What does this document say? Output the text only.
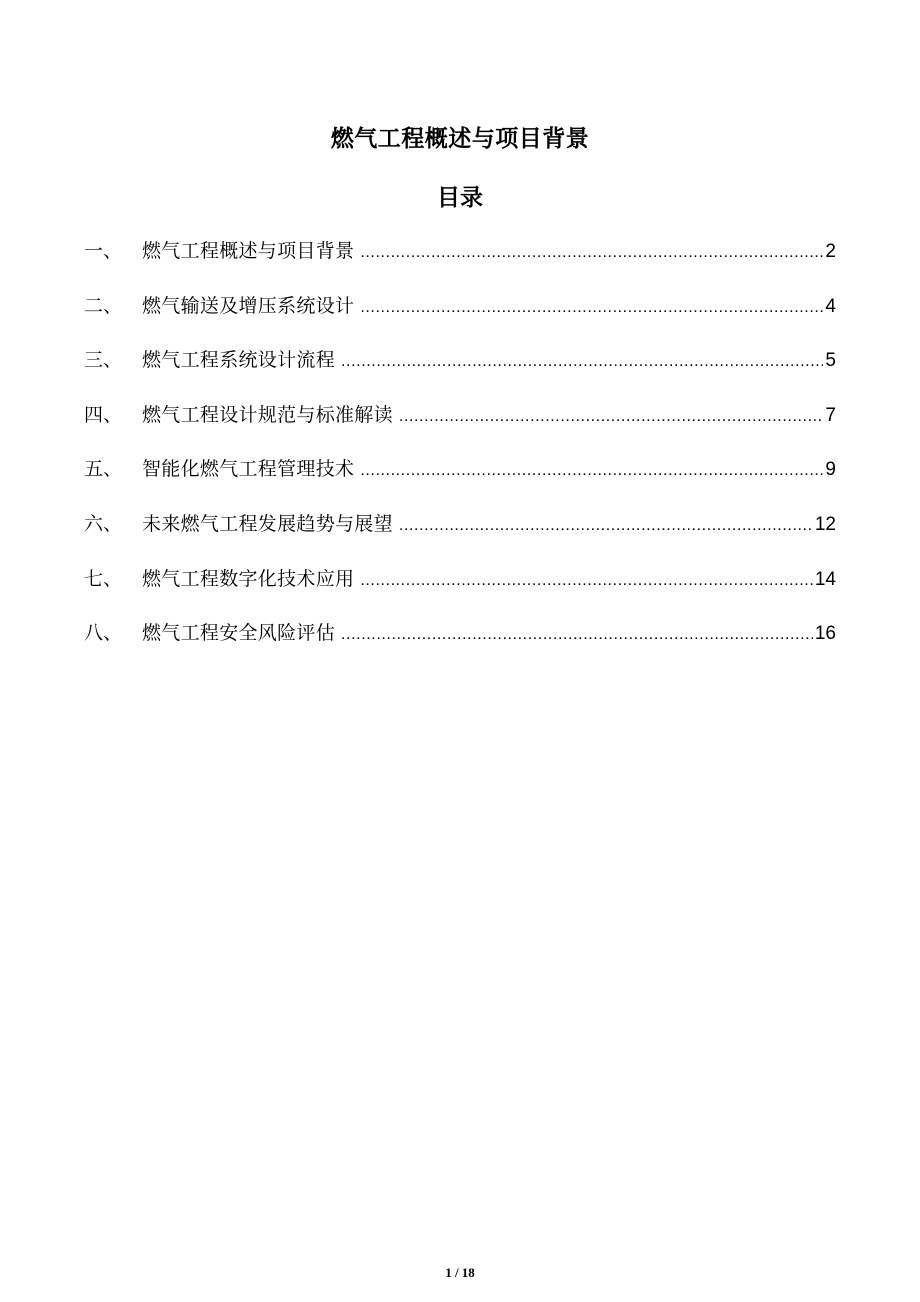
燃气工程概述与项目背景
目录
一、	燃气工程概述与项目背景 .....	2
二、	燃气输送及增压系统设计 .....	4
三、	燃气工程系统设计流程 .....	5
四、	燃气工程设计规范与标准解读 .....	7
五、	智能化燃气工程管理技术 .....	9
六、	未来燃气工程发展趋势与展望 .....	12
七、	燃气工程数字化技术应用 .....	14
八、	燃气工程安全风险评估 .....	16
1 / 18
